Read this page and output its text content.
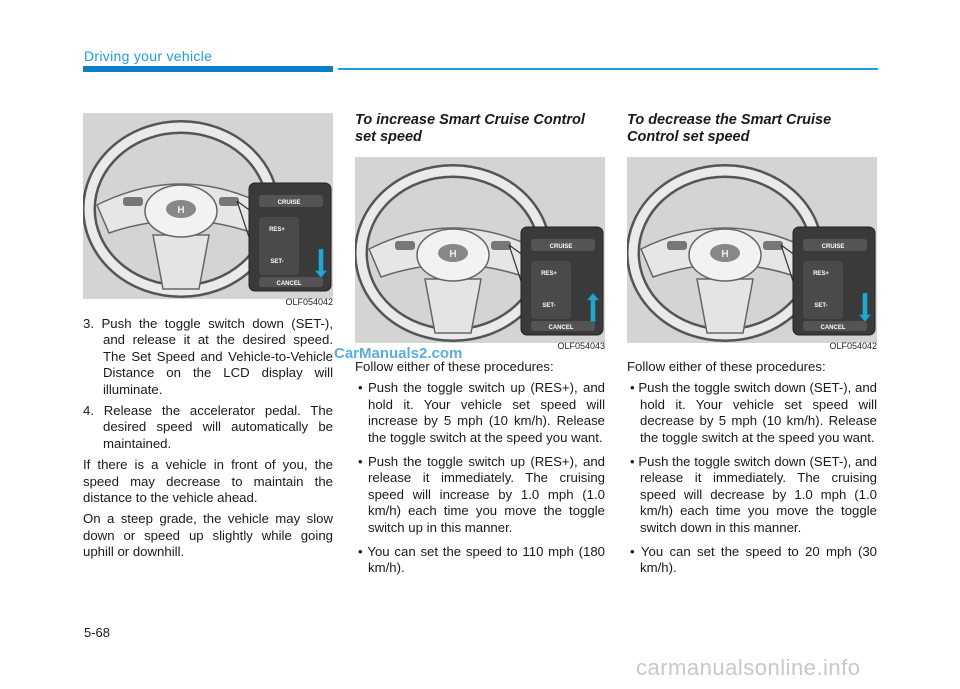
Driving your vehicle
H
CRUISE
RES+
SET-
CANCEL
OLF054042
3. Push the toggle switch down (SET-), and release it at the desired speed. The Set Speed and Vehicle-to-Vehicle Distance on the LCD display will illuminate.
4. Release the accelerator pedal. The desired speed will automatically be maintained.

If there is a vehicle in front of you, the speed may decrease to maintain the distance to the vehicle ahead.

On a steep grade, the vehicle may slow down or speed up slightly while going uphill or downhill.

To increase Smart Cruise Control set speed
H
CRUISE
RES+
SET-
CANCEL
OLF054043

Follow either of these procedures:

• Push the toggle switch up (RES+), and hold it. Your vehicle set speed will increase by 5 mph (10 km/h). Release the toggle switch at the speed you want.
• Push the toggle switch up (RES+), and release it immediately. The cruising speed will increase by 1.0 mph (1.0 km/h) each time you move the toggle switch up in this manner.
• You can set the speed to 110 mph (180 km/h).
To decrease the Smart Cruise Control set speed
H
CRUISE
RES+
SET-
CANCEL
OLF054042

Follow either of these procedures:

• Push the toggle switch down (SET-), and hold it. Your vehicle set speed will decrease by 5 mph (10 km/h). Release the toggle switch at the speed you want.
• Push the toggle switch down (SET-), and release it immediately. The cruising speed will decrease by 1.0 mph (1.0 km/h) each time you move the toggle switch down in this manner.
• You can set the speed to 20 mph (30 km/h).
5-68
CarManuals2.com
carmanualsonline.info
